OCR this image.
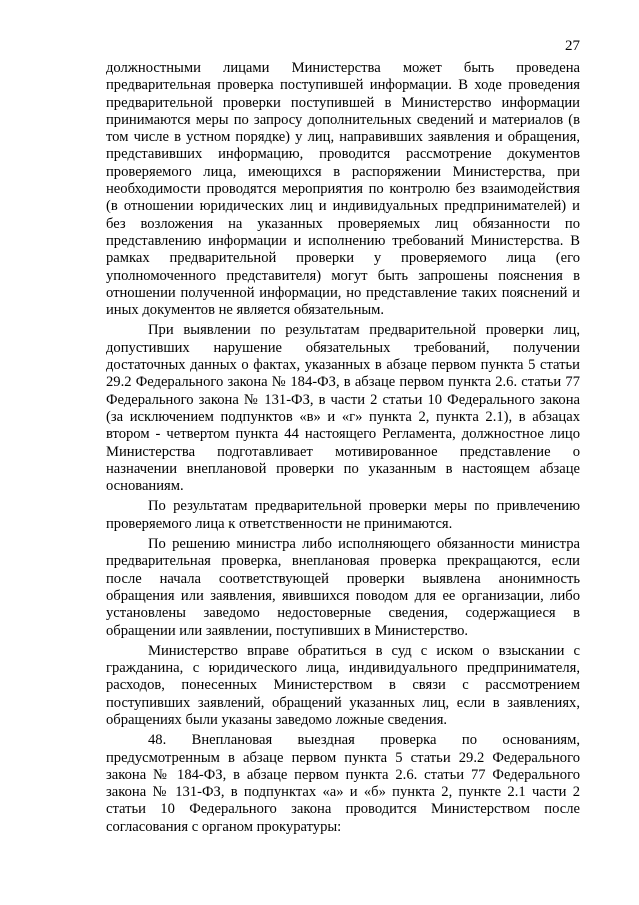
27

должностными лицами Министерства может быть проведена предварительная проверка поступившей информации. В ходе проведения предварительной проверки поступившей в Министерство информации принимаются меры по запросу дополнительных сведений и материалов (в том числе в устном порядке) у лиц, направивших заявления и обращения, представивших информацию, проводится рассмотрение документов проверяемого лица, имеющихся в распоряжении Министерства, при необходимости проводятся мероприятия по контролю без взаимодействия (в отношении юридических лиц и индивидуальных предпринимателей) и без возложения на указанных проверяемых лиц обязанности по представлению информации и исполнению требований Министерства. В рамках предварительной проверки у проверяемого лица (его уполномоченного представителя) могут быть запрошены пояснения в отношении полученной информации, но представление таких пояснений и иных документов не является обязательным.

При выявлении по результатам предварительной проверки лиц, допустивших нарушение обязательных требований, получении достаточных данных о фактах, указанных в абзаце первом пункта 5 статьи 29.2 Федерального закона № 184-ФЗ, в абзаце первом пункта 2.6. статьи 77 Федерального закона № 131-ФЗ, в части 2 статьи 10 Федерального закона (за исключением подпунктов «в» и «г» пункта 2, пункта 2.1), в абзацах втором - четвертом пункта 44 настоящего Регламента, должностное лицо Министерства подготавливает мотивированное представление о назначении внеплановой проверки по указанным в настоящем абзаце основаниям.

По результатам предварительной проверки меры по привлечению проверяемого лица к ответственности не принимаются.

По решению министра либо исполняющего обязанности министра предварительная проверка, внеплановая проверка прекращаются, если после начала соответствующей проверки выявлена анонимность обращения или заявления, явившихся поводом для ее организации, либо установлены заведомо недостоверные сведения, содержащиеся в обращении или заявлении, поступивших в Министерство.

Министерство вправе обратиться в суд с иском о взыскании с гражданина, с юридического лица, индивидуального предпринимателя, расходов, понесенных Министерством в связи с рассмотрением поступивших заявлений, обращений указанных лиц, если в заявлениях, обращениях были указаны заведомо ложные сведения.

48. Внеплановая выездная проверка по основаниям, предусмотренным в абзаце первом пункта 5 статьи 29.2 Федерального закона № 184-ФЗ, в абзаце первом пункта 2.6. статьи 77 Федерального закона № 131-ФЗ, в подпунктах «а» и «б» пункта 2, пункте 2.1 части 2 статьи 10 Федерального закона проводится Министерством после согласования с органом прокуратуры:
